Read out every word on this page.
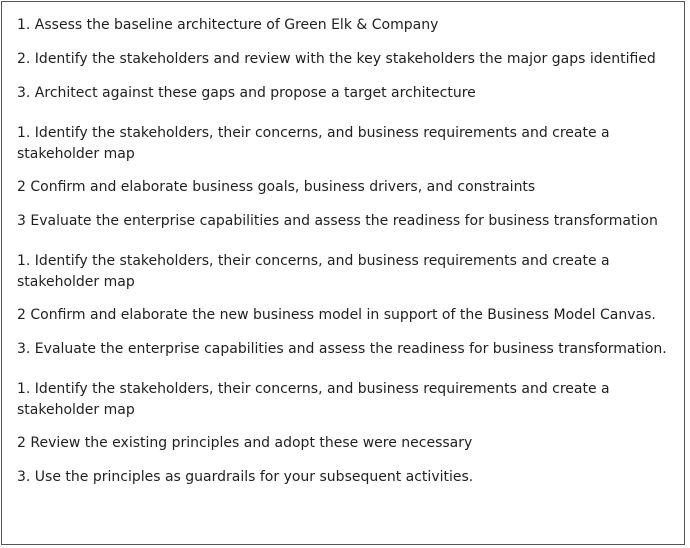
1. Assess the baseline architecture of Green Elk & Company

2. Identify the stakeholders and review with the key stakeholders the major gaps identified

3. Architect against these gaps and propose a target architecture

1. Identify the stakeholders, their concerns, and business requirements and create a stakeholder map

2 Confirm and elaborate business goals, business drivers, and constraints

3 Evaluate the enterprise capabilities and assess the readiness for business transformation

1. Identify the stakeholders, their concerns, and business requirements and create a stakeholder map

2 Confirm and elaborate the new business model in support of the Business Model Canvas.

3. Evaluate the enterprise capabilities and assess the readiness for business transformation.

1. Identify the stakeholders, their concerns, and business requirements and create a stakeholder map

2 Review the existing principles and adopt these were necessary

3. Use the principles as guardrails for your subsequent activities.
